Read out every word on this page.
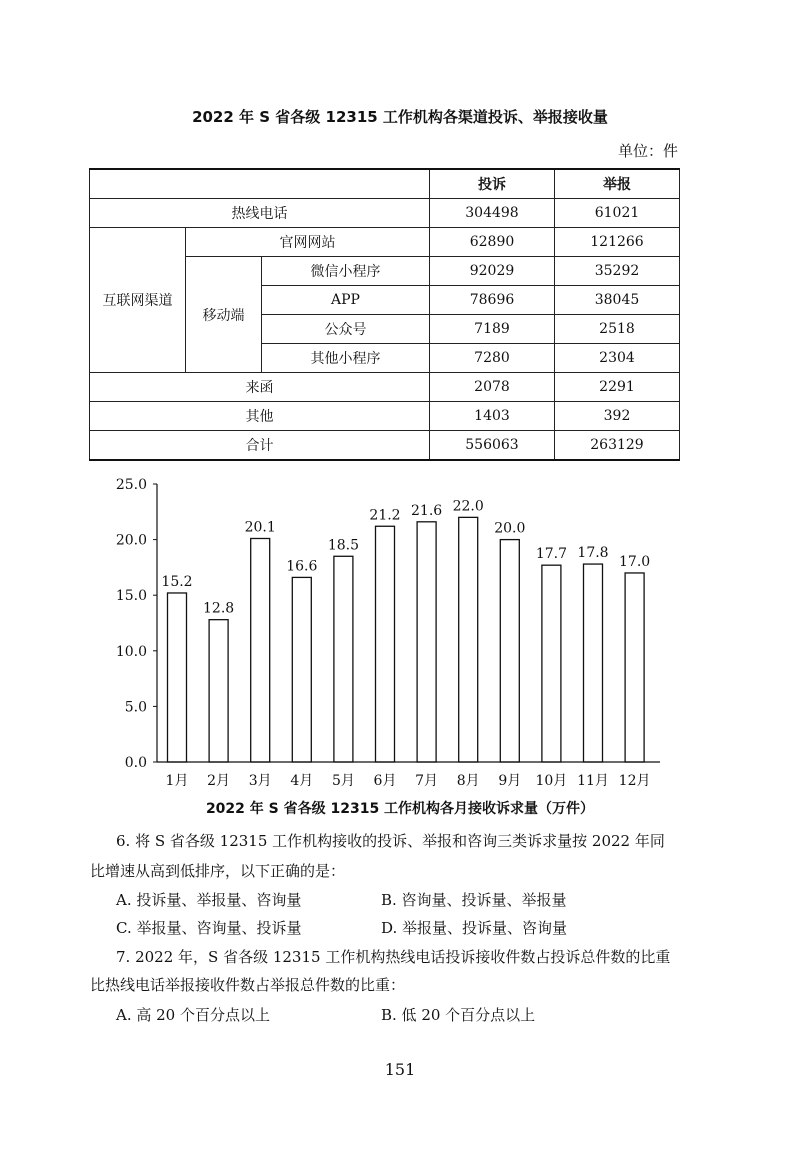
2022 年 S 省各级 12315 工作机构各渠道投诉、举报接收量
单位：件
			投诉	举报
热线电话			304498	61021
互联网渠道	官网网站		62890	121266
	移动端	微信小程序	92029	35292
		APP	78696	38045
		公众号	7189	2518
		其他小程序	7280	2304
来函			2078	2291
其他			1403	392
合计			556063	263129
0.0
5.0
10.0
15.0
20.0
25.0
15.2
12.8
20.1
16.6
18.5
21.2 21.6 22.0
20.0
17.7 17.8
17.0
1月 2月 3月 4月 5月 6月 7月 8月 9月 10月 11月 12月
2022 年 S 省各级 12315 工作机构各月接收诉求量（万件）
6. 将 S 省各级 12315 工作机构接收的投诉、举报和咨询三类诉求量按 2022 年同
比增速从高到低排序，以下正确的是：
A. 投诉量、举报量、咨询量	B. 咨询量、投诉量、举报量
C. 举报量、咨询量、投诉量	D. 举报量、投诉量、咨询量
7. 2022 年，S 省各级 12315 工作机构热线电话投诉接收件数占投诉总件数的比重
比热线电话举报接收件数占举报总件数的比重：
A. 高 20 个百分点以上	B. 低 20 个百分点以上
151
